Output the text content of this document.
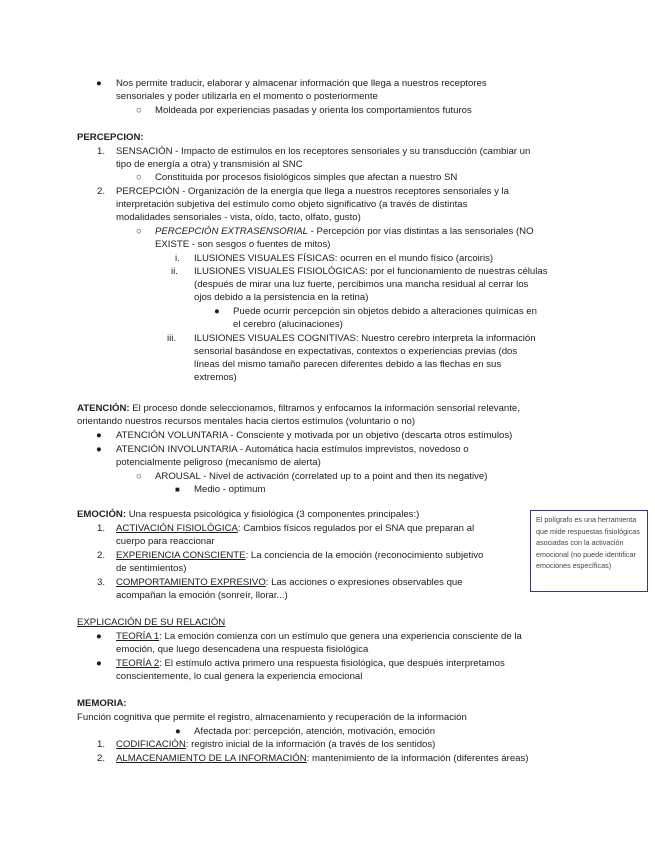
● Nos permite traducir, elaborar y almacenar información que llega a nuestros receptores
sensoriales y poder utilizarla en el momento o posteriormente
○ Moldeada por experiencias pasadas y orienta los comportamientos futuros
PERCEPCION:
1. SENSACIÓN - Impacto de estímulos en los receptores sensoriales y su transducción (cambiar un
tipo de energía a otra) y transmisión al SNC
○ Constituida por procesos fisiológicos simples que afectan a nuestro SN
2. PERCEPCIÓN - Organización de la energía que llega a nuestros receptores sensoriales y la
interpretación subjetiva del estímulo como objeto significativo (a través de distintas
modalidades sensoriales - vista, oído, tacto, olfato, gusto)
○ PERCEPCIÓN EXTRASENSORIAL - Percepción por vías distintas a las sensoriales (NO
EXISTE - son sesgos o fuentes de mitos)
i. ILUSIONES VISUALES FÍSICAS: ocurren en el mundo físico (arcoiris)
ii. ILUSIONES VISUALES FISIOLÓGICAS: por el funcionamiento de nuestras células
(después de mirar una luz fuerte, percibimos una mancha residual al cerrar los
ojos debido a la persistencia en la retina)
● Puede ocurrir percepción sin objetos debido a alteraciones químicas en
el cerebro (alucinaciones)
iii. ILUSIONES VISUALES COGNITIVAS: Nuestro cerebro interpreta la información
sensorial basándose en expectativas, contextos o experiencias previas (dos
líneas del mismo tamaño parecen diferentes debido a las flechas en sus
extremos)
ATENCIÓN: El proceso donde seleccionamos, filtramos y enfocamos la información sensorial relevante,
orientando nuestros recursos mentales hacia ciertos estímulos (voluntario o no)
● ATENCIÓN VOLUNTARIA - Consciente y motivada por un objetivo (descarta otros estímulos)
● ATENCIÓN INVOLUNTARIA - Automática hacia estímulos imprevistos, novedoso o
potencialmente peligroso (mecanismo de alerta)
○ AROUSAL - Nivel de activación (correlated up to a point and then its negative)
■ Medio - optimum
EMOCIÓN: Una respuesta psicológica y fisiológica (3 componentes principales:)
1. ACTIVACIÓN FISIOLÓGICA: Cambios físicos regulados por el SNA que preparan al
cuerpo para reaccionar
2. EXPERIENCIA CONSCIENTE: La conciencia de la emoción (reconocimiento subjetivo
de sentimientos)
3. COMPORTAMIENTO EXPRESIVO: Las acciones o expresiones observables que
acompañan la emoción (sonreír, llorar...)
El polígrafo es una herramienta que mide respuestas fisiológicas asociadas con la activación emocional (no puede identificar emociones específicas)
EXPLICACIÓN DE SU RELACIÓN
● TEORÍA 1: La emoción comienza con un estímulo que genera una experiencia consciente de la
emoción, que luego desencadena una respuesta fisiológica
● TEORÍA 2: El estímulo activa primero una respuesta fisiológica, que después interpretamos
conscientemente, lo cual genera la experiencia emocional
MEMORIA:
Función cognitiva que permite el registro, almacenamiento y recuperación de la información
● Afectada por: percepción, atención, motivación, emoción
1. CODIFICACIÓN: registro inicial de la información (a través de los sentidos)
2. ALMACENAMIENTO DE LA INFORMACIÓN: mantenimiento de la información (diferentes áreas)
